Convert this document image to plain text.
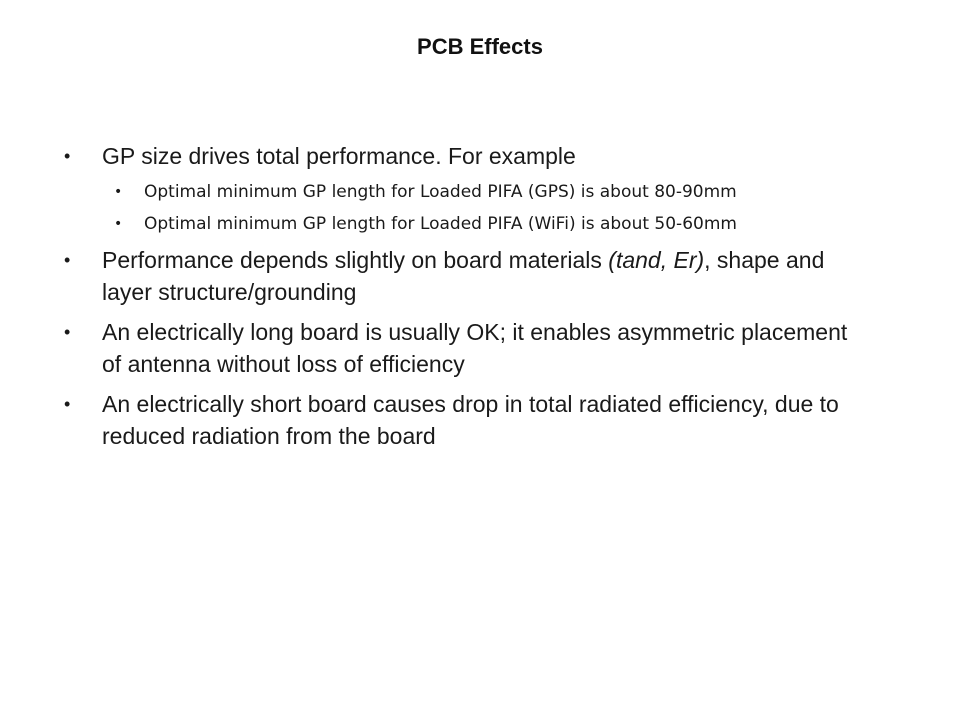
PCB Effects
• GP size drives total performance. For example
• Optimal minimum GP length for Loaded PIFA (GPS) is about 80-90mm
• Optimal minimum GP length for Loaded PIFA (WiFi) is about 50-60mm
• Performance depends slightly on board materials (tand, Er), shape and layer structure/grounding
• An electrically long board is usually OK; it enables asymmetric placement of antenna without loss of efficiency
• An electrically short board causes drop in total radiated efficiency, due to reduced radiation from the board
